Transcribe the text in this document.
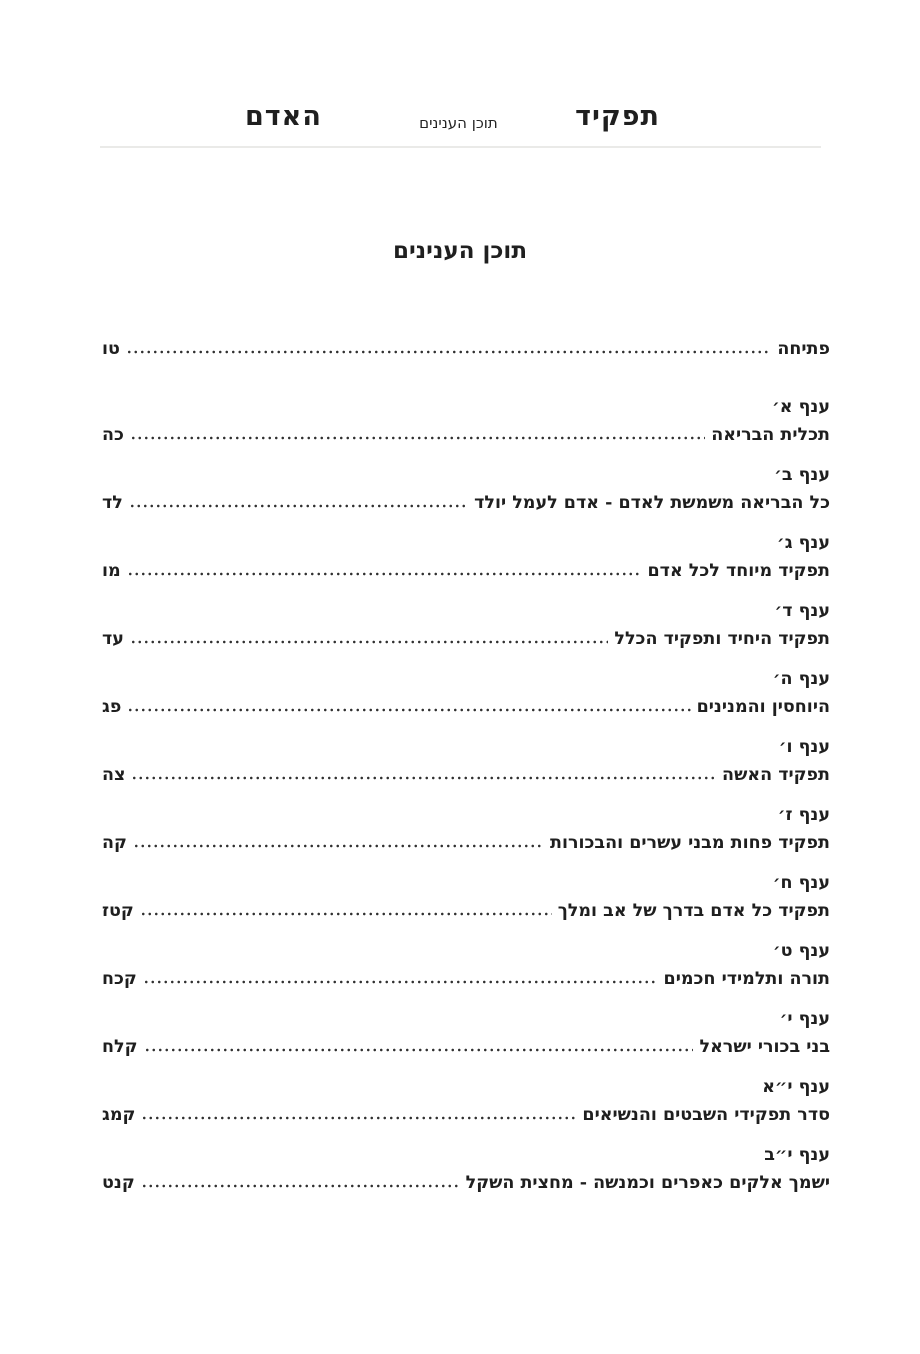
תפקיד
תוכן הענינים
האדם
תוכן הענינים
פתיחה
טו
ענף א׳
תכלית הבריאה
כה
ענף ב׳
כל הבריאה משמשת לאדם - אדם לעמל יולד
לד
ענף ג׳
תפקיד מיוחד לכל אדם
מו
ענף ד׳
תפקיד היחיד ותפקיד הכלל
עד
ענף ה׳
היוחסין והמנינים
פג
ענף ו׳
תפקיד האשה
צה
ענף ז׳
תפקיד פחות מבני עשרים והבכורות
קה
ענף ח׳
תפקיד כל אדם בדרך של אב ומלך
קטז
ענף ט׳
תורה ותלמידי חכמים
קכח
ענף י׳
בני בכורי ישראל
קלח
ענף י״א
סדר תפקידי השבטים והנשיאים
קמג
ענף י״ב
ישמך אלקים כאפרים וכמנשה - מחצית השקל
קנט
